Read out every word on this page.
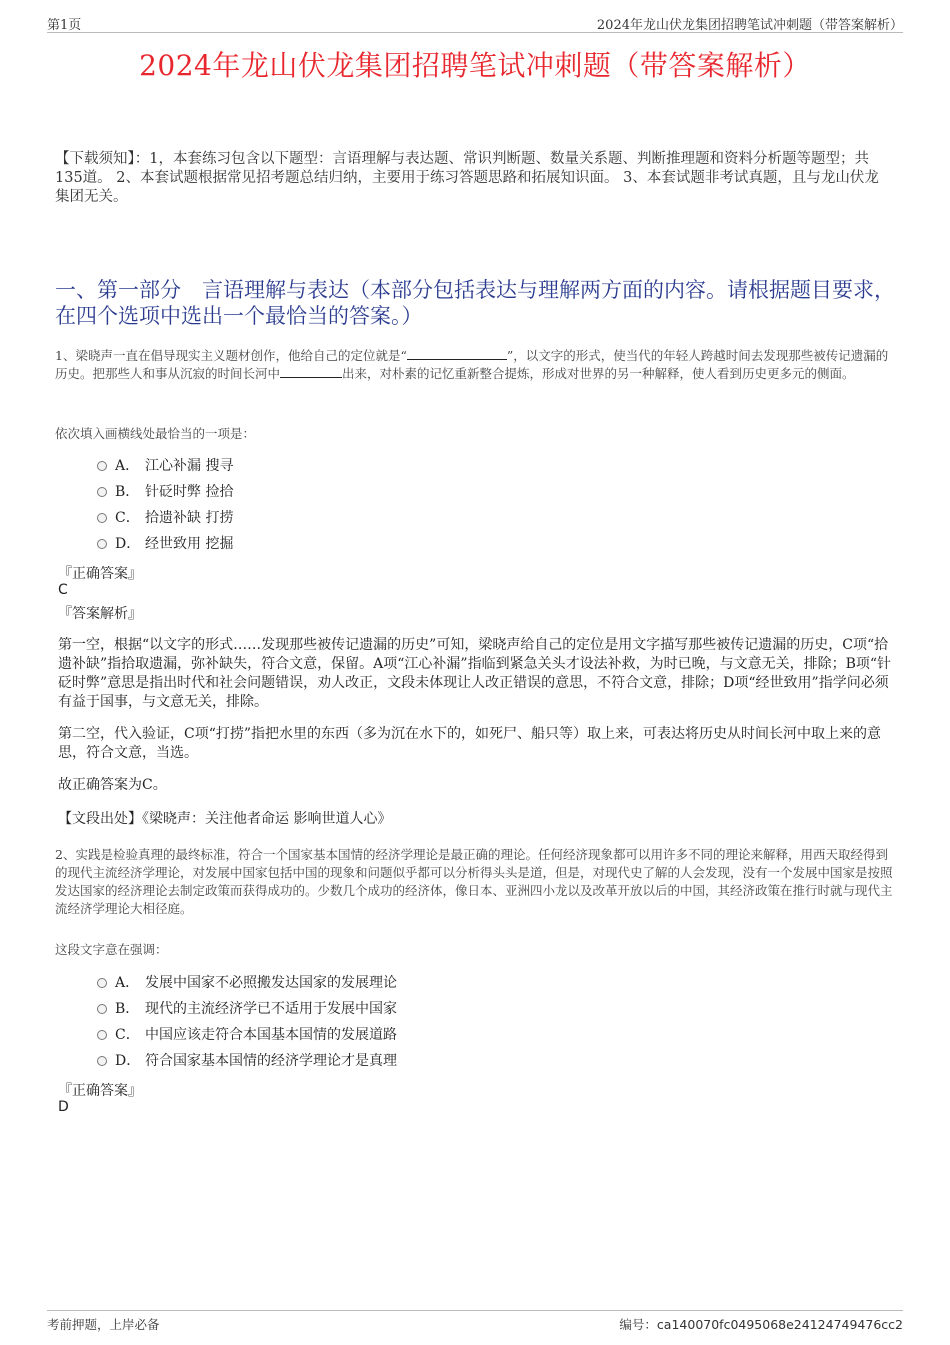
第1页	2024年龙山伏龙集团招聘笔试冲刺题（带答案解析）
2024年龙山伏龙集团招聘笔试冲刺题（带答案解析）
【下载须知】：1，本套练习包含以下题型：言语理解与表达题、常识判断题、数量关系题、判断推理题和资料分析题等题型；共135道。 2、本套试题根据常见招考题总结归纳，主要用于练习答题思路和拓展知识面。 3、本套试题非考试真题，且与龙山伏龙集团无关。
一、第一部分　言语理解与表达（本部分包括表达与理解两方面的内容。请根据题目要求，在四个选项中选出一个最恰当的答案。）
1、梁晓声一直在倡导现实主义题材创作，他给自己的定位就是“	”，以文字的形式，使当代的年轻人跨越时间去发现那些被传记遗漏的历史。把那些人和事从沉寂的时间长河中	出来，对朴素的记忆重新整合提炼，形成对世界的另一种解释，使人看到历史更多元的侧面。
依次填入画横线处最恰当的一项是：
A． 江心补漏 搜寻
B． 针砭时弊 捡拾
C． 拾遗补缺 打捞
D． 经世致用 挖掘
『正确答案』
C
『答案解析』
第一空，根据“以文字的形式……发现那些被传记遗漏的历史”可知，梁晓声给自己的定位是用文字描写那些被传记遗漏的历史，C项“拾遗补缺”指拾取遗漏，弥补缺失，符合文意，保留。A项“江心补漏”指临到紧急关头才设法补救，为时已晚，与文意无关，排除；B项“针砭时弊”意思是指出时代和社会问题错误，劝人改正，文段未体现让人改正错误的意思，不符合文意，排除；D项“经世致用”指学问必须有益于国事，与文意无关，排除。
第二空，代入验证，C项“打捞”指把水里的东西（多为沉在水下的，如死尸、船只等）取上来，可表达将历史从时间长河中取上来的意思，符合文意，当选。
故正确答案为C。
【文段出处】《梁晓声：关注他者命运 影响世道人心》
2、实践是检验真理的最终标准，符合一个国家基本国情的经济学理论是最正确的理论。任何经济现象都可以用许多不同的理论来解释，用西天取经得到的现代主流经济学理论，对发展中国家包括中国的现象和问题似乎都可以分析得头头是道，但是，对现代史了解的人会发现，没有一个发展中国家是按照发达国家的经济理论去制定政策而获得成功的。少数几个成功的经济体，像日本、亚洲四小龙以及改革开放以后的中国，其经济政策在推行时就与现代主流经济学理论大相径庭。
这段文字意在强调：
A． 发展中国家不必照搬发达国家的发展理论
B． 现代的主流经济学已不适用于发展中国家
C． 中国应该走符合本国基本国情的发展道路
D． 符合国家基本国情的经济学理论才是真理
『正确答案』
D
考前押题，上岸必备	编号：ca140070fc0495068e24124749476cc2
